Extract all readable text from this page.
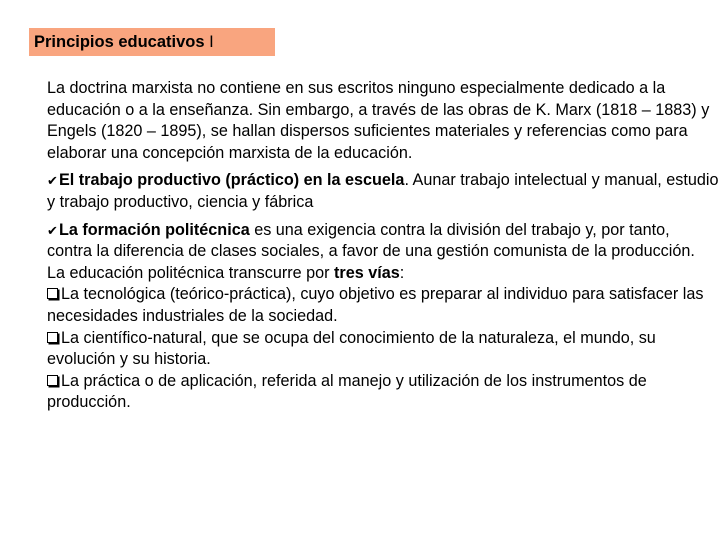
Principios educativos I

La doctrina marxista no contiene en sus escritos ninguno especialmente dedicado a la educación o a la enseñanza. Sin embargo, a través de las obras de K. Marx (1818 – 1883) y Engels (1820 – 1895), se hallan dispersos suficientes materiales y referencias como para elaborar una concepción marxista de la educación.

✔El trabajo productivo (práctico) en la escuela. Aunar trabajo intelectual y manual, estudio y trabajo productivo, ciencia y fábrica

✔La formación politécnica es una exigencia contra la división del trabajo y, por tanto, contra la diferencia de clases sociales, a favor de una gestión comunista de la producción.

La educación politécnica transcurre por tres vías:

La tecnológica (teórico-práctica), cuyo objetivo es preparar al individuo para satisfacer las necesidades industriales de la sociedad.

La científico-natural, que se ocupa del conocimiento de la naturaleza, el mundo, su evolución y su historia.

La práctica o de aplicación, referida al manejo y utilización de los instrumentos de producción.
